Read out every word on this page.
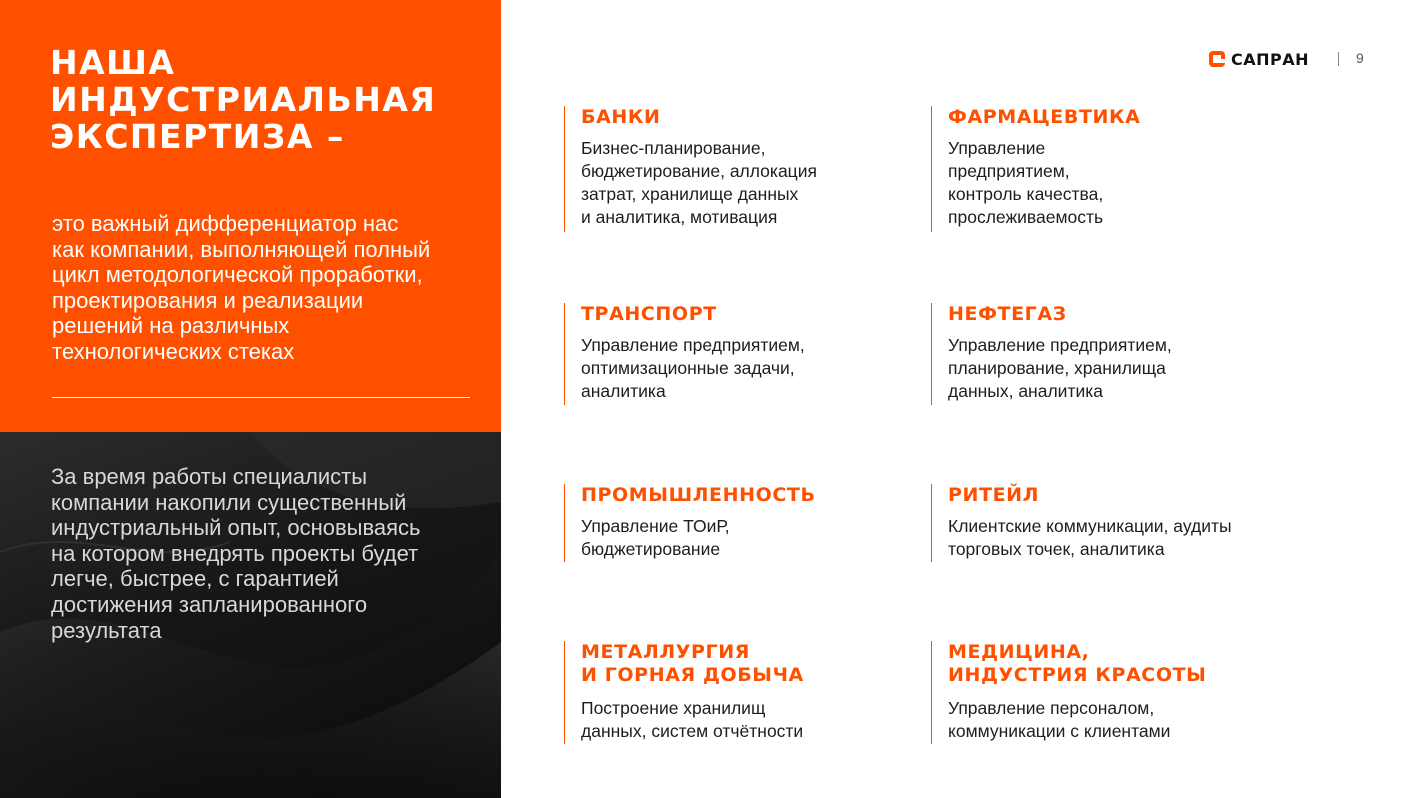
НАША
ИНДУСТРИАЛЬНАЯ
ЭКСПЕРТИЗА –

это важный дифференциатор нас
как компании, выполняющей полный
цикл методологической проработки,
проектирования и реализации
решений на различных
технологических стеках

За время работы специалисты
компании накопили существенный
индустриальный опыт, основываясь
на котором внедрять проекты будет
легче, быстрее, с гарантией
достижения запланированного
результата

САПРАН	9
БАНКИ

Бизнес-планирование,
бюджетирование, аллокация
затрат, хранилище данных
и аналитика, мотивация

ФАРМАЦЕВТИКА

Управление
предприятием,
контроль качества,
прослеживаемость

ТРАНСПОРТ

Управление предприятием,
оптимизационные задачи,
аналитика

НЕФТЕГАЗ

Управление предприятием,
планирование, хранилища
данных, аналитика

ПРОМЫШЛЕННОСТЬ

Управление ТОиР,
бюджетирование

РИТЕЙЛ

Клиентские коммуникации, аудиты
торговых точек, аналитика

МЕТАЛЛУРГИЯ
И ГОРНАЯ ДОБЫЧА

Построение хранилищ
данных, систем отчётности

МЕДИЦИНА,
ИНДУСТРИЯ КРАСОТЫ

Управление персоналом,
коммуникации с клиентами
